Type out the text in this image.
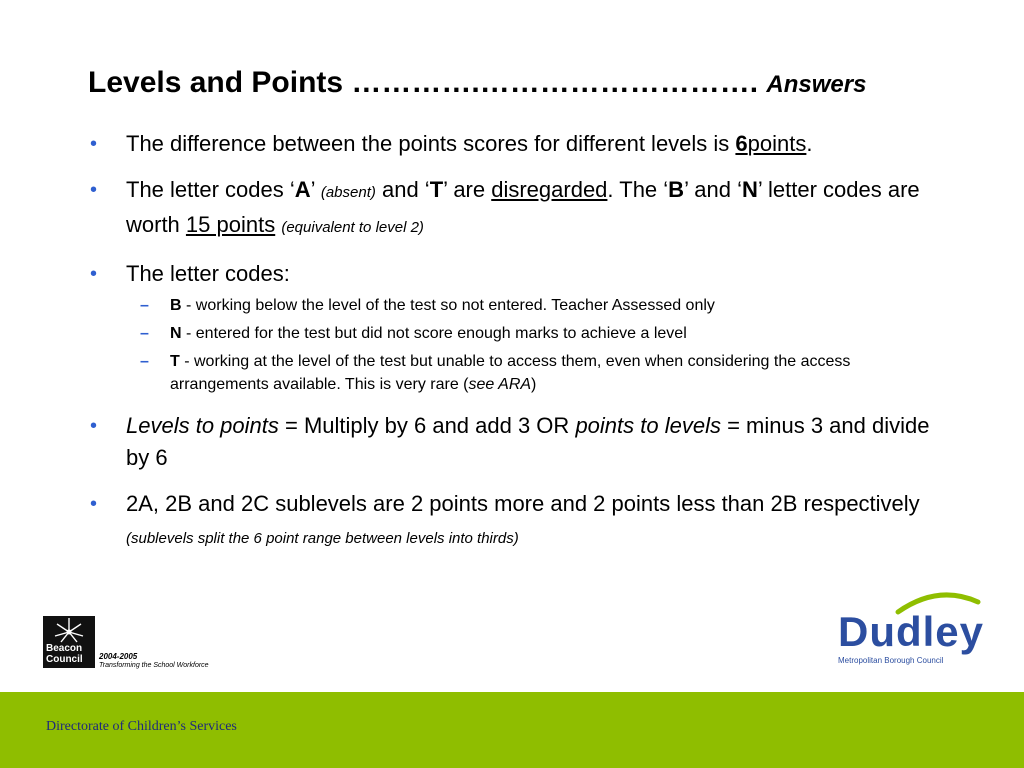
Levels and Points ………….………………………. Answers
• The difference between the points scores for different levels is 6points.
• The letter codes ‘A’ (absent) and ‘T’ are disregarded. The ‘B’ and ‘N’ letter codes are worth 15 points (equivalent to level 2)
• The letter codes:
– B - working below the level of the test so not entered. Teacher Assessed only
– N - entered for the test but did not score enough marks to achieve a level
– T - working at the level of the test but unable to access them, even when considering the access arrangements available. This is very rare (see ARA)
• Levels to points = Multiply by 6 and add 3 OR points to levels = minus 3 and divide by 6
• 2A, 2B and 2C sublevels are 2 points more and 2 points less than 2B respectively (sublevels split the 6 point range between levels into thirds)
Beacon Council	2004-2005
Transforming the School Workforce
Dudley
Metropolitan Borough Council
Directorate of Children’s Services
